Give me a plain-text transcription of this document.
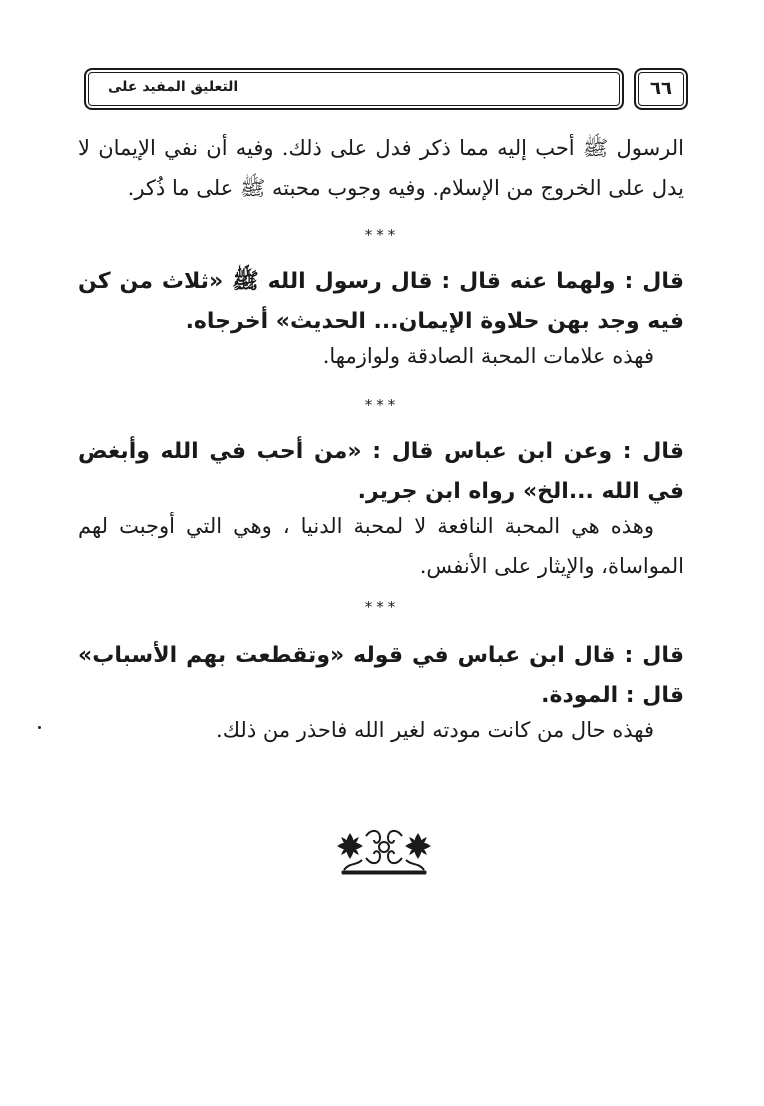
التعليق المفيد على	٦٦
الرسول ﷺ أحب إليه مما ذكر فدل على ذلك. وفيه أن نفي الإيمان لا يدل على الخروج من الإسلام. وفيه وجوب محبته ﷺ على ما ذُكر.
***
قال : ولهما عنه قال : قال رسول الله ﷺ «ثلاث من كن فيه وجد بهن حلاوة الإيمان... الحديث» أخرجاه.

فهذه علامات المحبة الصادقة ولوازمها.

***
قال : وعن ابن عباس قال : «من أحب في الله وأبغض في الله ...الخ» رواه ابن جرير.

وهذه هي المحبة النافعة لا لمحبة الدنيا ، وهي التي أوجبت لهم المواساة، والإيثار على الأنفس.

***
قال : قال ابن عباس في قوله «وتقطعت بهم الأسباب» قال : المودة.

فهذه حال من كانت مودته لغير الله فاحذر من ذلك.
